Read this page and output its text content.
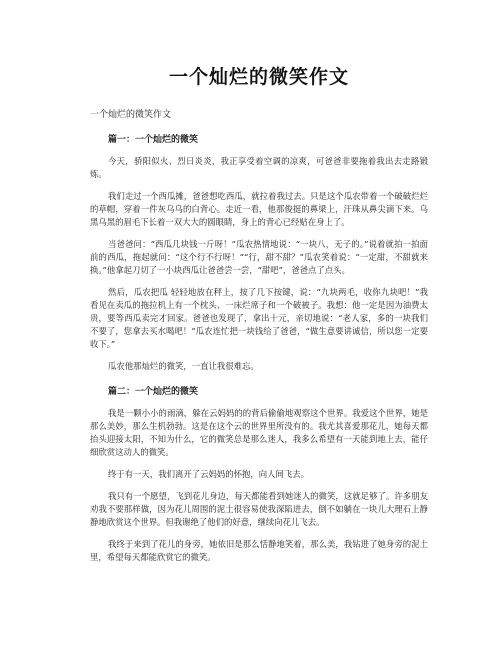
一个灿烂的微笑作文
一个灿烂的微笑作文
篇一：一个灿烂的微笑

今天，骄阳似火、烈日炎炎，我正享受着空调的凉爽，可爸爸非要拖着我出去走路锻炼。

我们走过一个西瓜摊，爸爸想吃西瓜，就拉着我过去。只是这个瓜农带着一个破破烂烂的草帽，穿着一件灰乌乌的白背心。走近一看，他那俊挺的鼻梁上，汗珠从鼻尖滴下来。乌黑乌黑的眉毛下长着一双大大的圆眼睛，身上的背心已经贴在身上了。

当爸爸问：“西瓜几块钱一斤呀！”瓜农热情地说：“一块八，无子的。”说着就拍一拍面前的西瓜，拖起就问：“这个行不行呀！”“行，甜不甜？”瓜农笑着说：“一定甜，不甜就来换。”他拿起刀切了一小块西瓜让爸爸尝一尝，“甜吧”，爸爸点了点头。

然后，瓜农把瓜 轻轻地放在秤上，按了几下按键，说：“九块两毛，收你九块吧！”我看见在卖瓜的拖拉机上有一个枕头、一床烂席子和一个破被子。我想：他一定是因为油费太贵，要等西瓜卖完才回家。爸爸也发现了，拿出十元，亲切地说：“老人家，多的一块我们不要了，您拿去买水喝吧！”瓜农连忙把一块钱给了爸爸，“做生意要讲诚信，所以您一定要收下。”

瓜农他那灿烂的微笑，一直让我很难忘。

篇二：一个灿烂的微笑

我是一颗小小的雨滴，躲在云妈妈的的背后偷偷地观察这个世界。我爱这个世界，她是那么美妙，那么生机勃勃。这是在这个云的世界里所没有的。我尤其喜爱那花儿，她每天都抬头迎接太阳，不知为什么，它的微笑总是那么迷人，我多么希望有一天能到地上去，能仔细欣赏这动人的微笑。

终于有一天，我们离开了云妈妈的怀抱，向人间飞去。

我只有一个愿望，飞到花儿身边，每天都能看到她迷人的微笑，这就足够了。许多朋友劝我不要那样做，因为花儿周围的泥土很容易使我深陷进去，倒不如躺在一块儿大理石上静静地欣赏这个世界。但我谢绝了他们的好意，继续向花儿飞去。

我终于来到了花儿的身旁，她依旧是那么恬静地笑着，那么美，我钻进了她身旁的泥土里，希望每天都能欣赏它的微笑。
